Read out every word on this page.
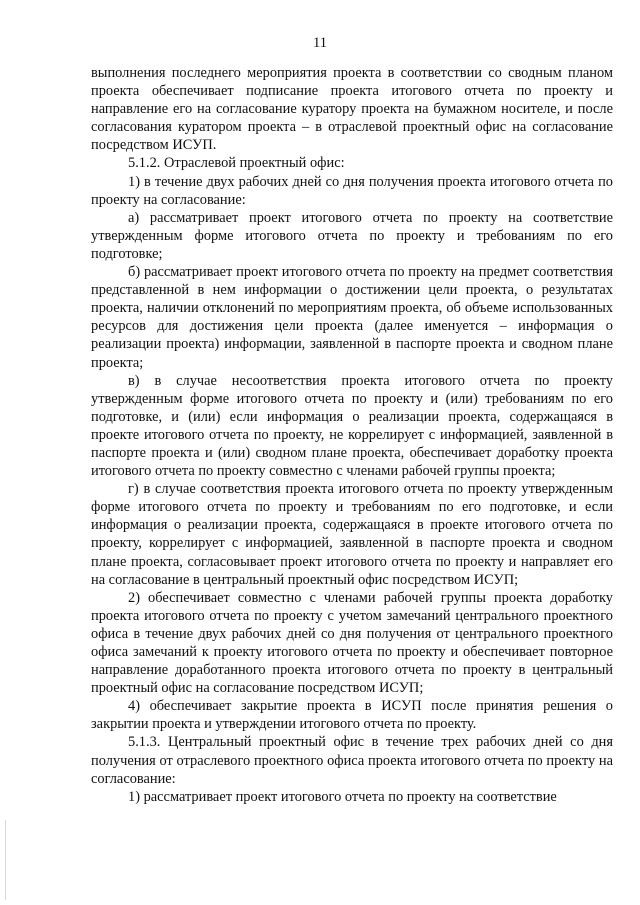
11

выполнения последнего мероприятия проекта в соответствии со сводным планом проекта обеспечивает подписание проекта итогового отчета по проекту и направление его на согласование куратору проекта на бумажном носителе, и после согласования куратором проекта – в отраслевой проектный офис на согласование посредством ИСУП.

5.1.2. Отраслевой проектный офис:

1) в течение двух рабочих дней со дня получения проекта итогового отчета по проекту на согласование:

а) рассматривает проект итогового отчета по проекту на соответствие утвержденным форме итогового отчета по проекту и требованиям по его подготовке;

б) рассматривает проект итогового отчета по проекту на предмет соответствия представленной в нем информации о достижении цели проекта, о результатах проекта, наличии отклонений по мероприятиям проекта, об объеме использованных ресурсов для достижения цели проекта (далее именуется – информация о реализации проекта) информации, заявленной в паспорте проекта и сводном плане проекта;

в) в случае несоответствия проекта итогового отчета по проекту утвержденным форме итогового отчета по проекту и (или) требованиям по его подготовке, и (или) если информация о реализации проекта, содержащаяся в проекте итогового отчета по проекту, не коррелирует с информацией, заявленной в паспорте проекта и (или) сводном плане проекта, обеспечивает доработку проекта итогового отчета по проекту совместно с членами рабочей группы проекта;

г) в случае соответствия проекта итогового отчета по проекту утвержденным форме итогового отчета по проекту и требованиям по его подготовке, и если информация о реализации проекта, содержащаяся в проекте итогового отчета по проекту, коррелирует с информацией, заявленной в паспорте проекта и сводном плане проекта, согласовывает проект итогового отчета по проекту и направляет его на согласование в центральный проектный офис посредством ИСУП;

2) обеспечивает совместно с членами рабочей группы проекта доработку проекта итогового отчета по проекту с учетом замечаний центрального проектного офиса в течение двух рабочих дней со дня получения от центрального проектного офиса замечаний к проекту итогового отчета по проекту и обеспечивает повторное направление доработанного проекта итогового отчета по проекту в центральный проектный офис на согласование посредством ИСУП;

4) обеспечивает закрытие проекта в ИСУП после принятия решения о закрытии проекта и утверждении итогового отчета по проекту.

5.1.3. Центральный проектный офис в течение трех рабочих дней со дня получения от отраслевого проектного офиса проекта итогового отчета по проекту на согласование:

1) рассматривает проект итогового отчета по проекту на соответствие
